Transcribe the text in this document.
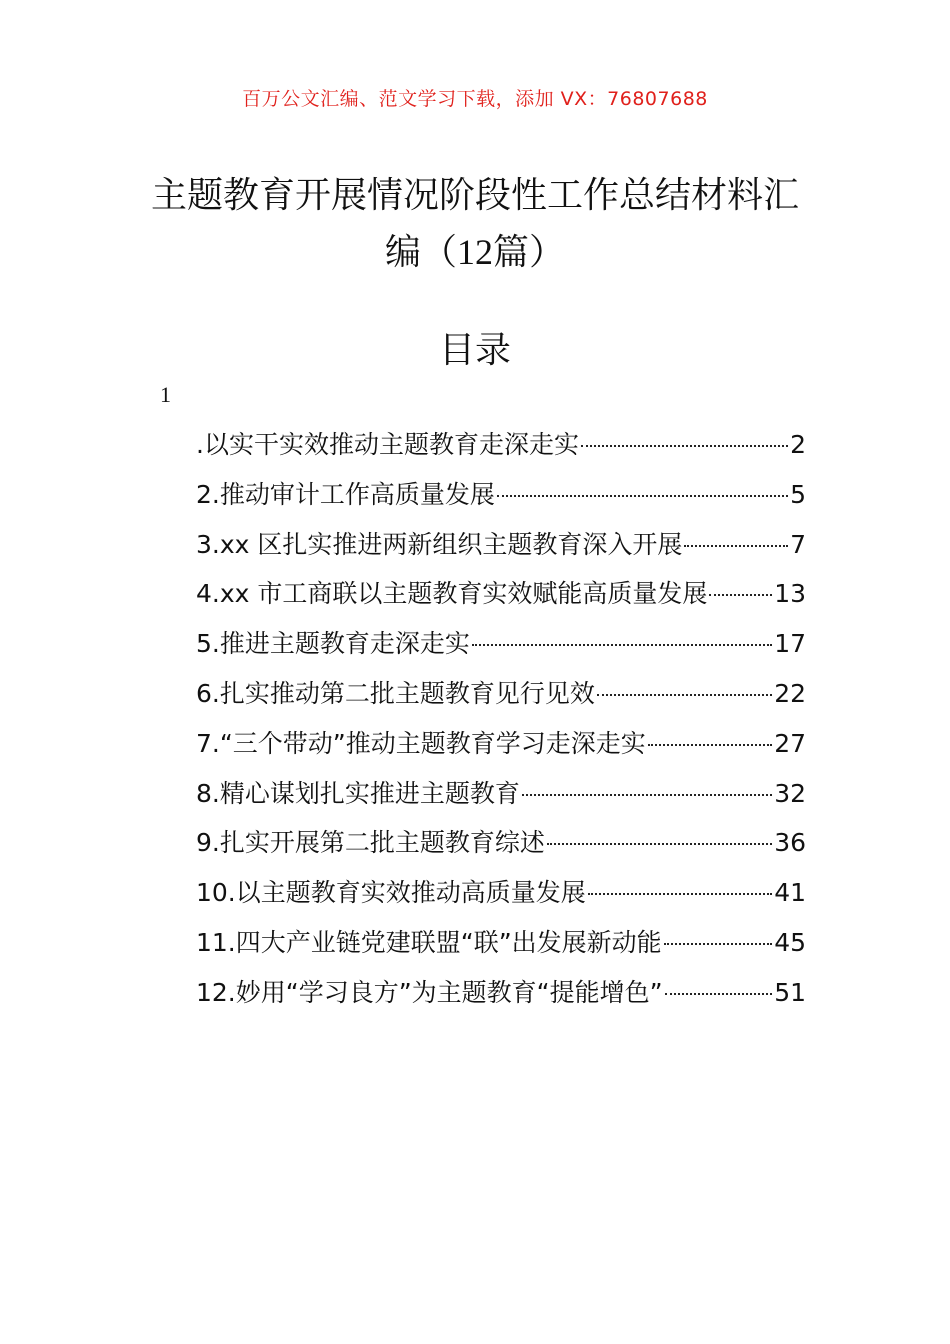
百万公文汇编、范文学习下载，添加 VX：76807688
主题教育开展情况阶段性工作总结材料汇
编（12篇）
目录
1
.以实干实效推动主题教育走深走实	2
2.推动审计工作高质量发展	5
3.xx 区扎实推进两新组织主题教育深入开展	7
4.xx 市工商联以主题教育实效赋能高质量发展	13
5.推进主题教育走深走实	17
6.扎实推动第二批主题教育见行见效	22
7.“三个带动”推动主题教育学习走深走实	27
8.精心谋划扎实推进主题教育	32
9.扎实开展第二批主题教育综述	36
10.以主题教育实效推动高质量发展	41
11.四大产业链党建联盟“联”出发展新动能	45
12.妙用“学习良方”为主题教育“提能增色”	51
